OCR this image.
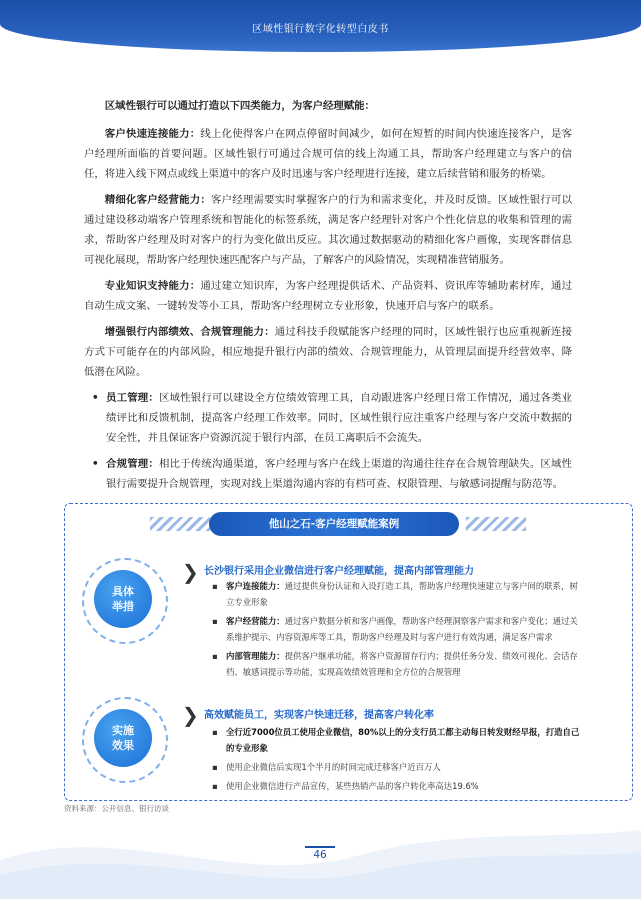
区域性银行数字化转型白皮书

区域性银行可以通过打造以下四类能力，为客户经理赋能：

客户快速连接能力：线上化使得客户在网点停留时间减少，如何在短暂的时间内快速连接客户，是客户经理所面临的首要问题。区域性银行可通过合规可信的线上沟通工具，帮助客户经理建立与客户的信任，将进入线下网点或线上渠道中的客户及时迅速与客户经理进行连接，建立后续营销和服务的桥梁。

精细化客户经营能力：客户经理需要实时掌握客户的行为和需求变化，并及时反馈。区域性银行可以通过建设移动端客户管理系统和智能化的标签系统，满足客户经理针对客户个性化信息的收集和管理的需求，帮助客户经理及时对客户的行为变化做出反应。其次通过数据驱动的精细化客户画像，实现客群信息可视化展现，帮助客户经理快速匹配客户与产品，了解客户的风险情况，实现精准营销服务。

专业知识支持能力：通过建立知识库，为客户经理提供话术、产品资料、资讯库等辅助素材库，通过自动生成文案、一键转发等小工具，帮助客户经理树立专业形象，快速开启与客户的联系。

增强银行内部绩效、合规管理能力：通过科技手段赋能客户经理的同时，区域性银行也应重视新连接方式下可能存在的内部风险，相应地提升银行内部的绩效、合规管理能力，从管理层面提升经营效率、降低潜在风险。

• 员工管理：区域性银行可以建设全方位绩效管理工具，自动跟进客户经理日常工作情况，通过各类业绩评比和反馈机制，提高客户经理工作效率。同时，区域性银行应注重客户经理与客户交流中数据的安全性，并且保证客户资源沉淀于银行内部，在员工离职后不会流失。
• 合规管理：相比于传统沟通渠道，客户经理与客户在线上渠道的沟通往往存在合规管理缺失。区域性银行需要提升合规管理，实现对线上渠道沟通内容的有档可查、权限管理、与敏感词提醒与防范等。
他山之石-客户经理赋能案例
具体举措
❯ 长沙银行采用企业微信进行客户经理赋能，提高内部管理能力
▪ 客户连接能力：通过提供身份认证和入设打造工具，帮助客户经理快速建立与客户间的联系，树立专业形象
▪ 客户经营能力：通过客户数据分析和客户画像，帮助客户经理洞察客户需求和客户变化；通过关系维护提示、内容资源库等工具，帮助客户经理及时与客户进行有效沟通，满足客户需求
▪ 内部管理能力：提供客户继承功能，将客户资源留存行内；提供任务分发、绩效可视化、会话存档、敏感词提示等功能，实现高效绩效管理和全方位的合规管理
实施效果
❯ 高效赋能员工，实现客户快速迁移，提高客户转化率
▪ 全行近7000位员工使用企业微信，80%以上的分支行员工都主动每日转发财经早报，打造自己的专业形象
▪ 使用企业微信后实现1个半月的时间完成迁移客户近百万人
▪ 使用企业微信进行产品宣传，某些热销产品的客户转化率高达19.6%
资料来源：公开信息、银行访谈
46
